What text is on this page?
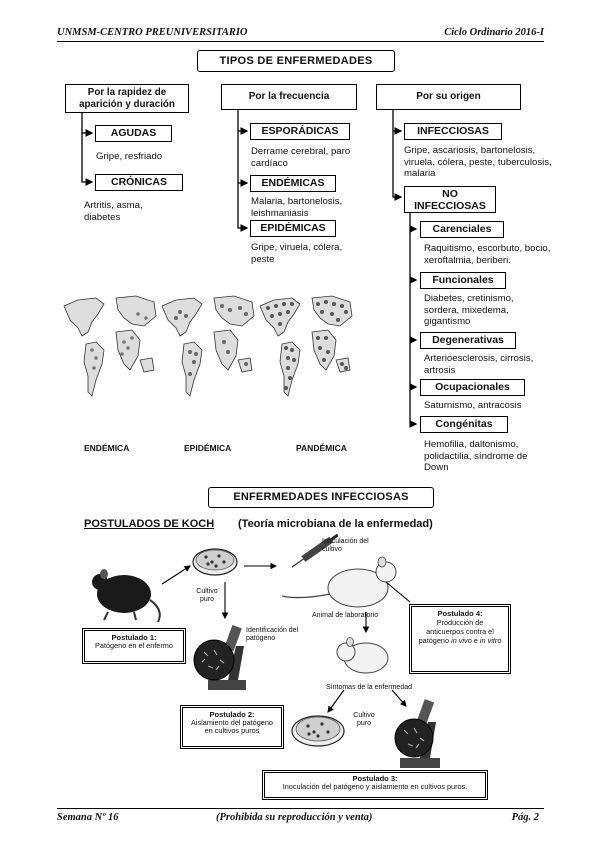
UNMSM-CENTRO PREUNIVERSITARIO	Ciclo Ordinario 2016-I
TIPOS DE ENFERMEDADES
Por la rapidez de aparición y duración
Por la frecuencia	Por su origen
AGUDAS
Gripe, resfriado
CRÓNICAS
Artritis, asma, diabetes
ESPORÁDICAS
Derrame cerebral, paro cardíaco
ENDÉMICAS
Malaria, bartonelosis, leishmaniasis
EPIDÉMICAS
Gripe, viruela, cólera, peste
INFECCIOSAS
Gripe, ascariosis, bartonelosis, viruela, cólera, peste, tuberculosis, malaria
NO INFECCIOSAS
Carenciales
Raquitismo, escorbuto, bocio, xeroftalmia, beriberi.
Funcionales
Diabetes, cretinismo, sordera, mixedema, gigantismo
Degenerativas
Arterioesclerosis, cirrosis, artrosis
Ocupacionales
Saturnismo, antracosis
Congénitas
Hemofilia, daltonismo, polidactilia, síndrome de Down
ENDÉMICA	EPIDÉMICA	PANDÉMICA
ENFERMEDADES INFECCIOSAS
POSTULADOS DE KOCH (Teoría microbiana de la enfermedad)
Inoculación del cultivo
Cultivo puro
Identificación del patógeno
Animal de laboratorio
Síntomas de la enfermedad
Cultivo puro
Postulado 1:
Patógeno en el enfermo
Postulado 2:
Aislamiento del patógeno en cultivos puros
Postulado 4:
Producción de anticuerpos contra el patógeno in vivo e in vitro
Postulado 3:
Inoculación del patógeno y aislamiento en cultivos puros.
Semana Nº 16	(Prohibida su reproducción y venta)	Pág. 2
